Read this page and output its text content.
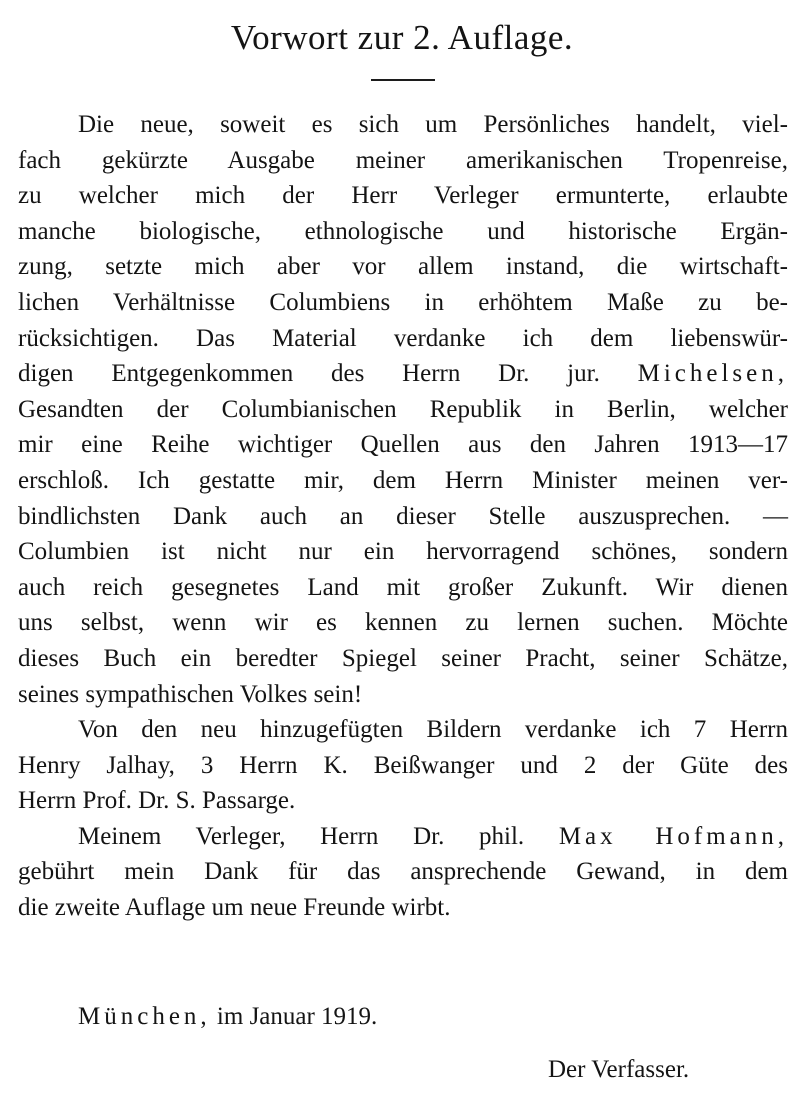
Vorwort zur 2. Auflage.
Die neue, soweit es sich um Persönliches handelt, viel-
fach gekürzte Ausgabe meiner amerikanischen Tropenreise,
zu welcher mich der Herr Verleger ermunterte, erlaubte
manche biologische, ethnologische und historische Ergän-
zung, setzte mich aber vor allem instand, die wirtschaft-
lichen Verhältnisse Columbiens in erhöhtem Maße zu be-
rücksichtigen. Das Material verdanke ich dem liebenswür-
digen Entgegenkommen des Herrn Dr. jur. Michelsen,
Gesandten der Columbianischen Republik in Berlin, welcher
mir eine Reihe wichtiger Quellen aus den Jahren 1913—17
erschloß. Ich gestatte mir, dem Herrn Minister meinen ver-
bindlichsten Dank auch an dieser Stelle auszusprechen. —
Columbien ist nicht nur ein hervorragend schönes, sondern
auch reich gesegnetes Land mit großer Zukunft. Wir dienen
uns selbst, wenn wir es kennen zu lernen suchen. Möchte
dieses Buch ein beredter Spiegel seiner Pracht, seiner Schätze,
seines sympathischen Volkes sein!
Von den neu hinzugefügten Bildern verdanke ich 7 Herrn
Henry Jalhay, 3 Herrn K. Beißwanger und 2 der Güte des
Herrn Prof. Dr. S. Passarge.
Meinem Verleger, Herrn Dr. phil. Max Hofmann,
gebührt mein Dank für das ansprechende Gewand, in dem
die zweite Auflage um neue Freunde wirbt.
München, im Januar 1919.
Der Verfasser.
